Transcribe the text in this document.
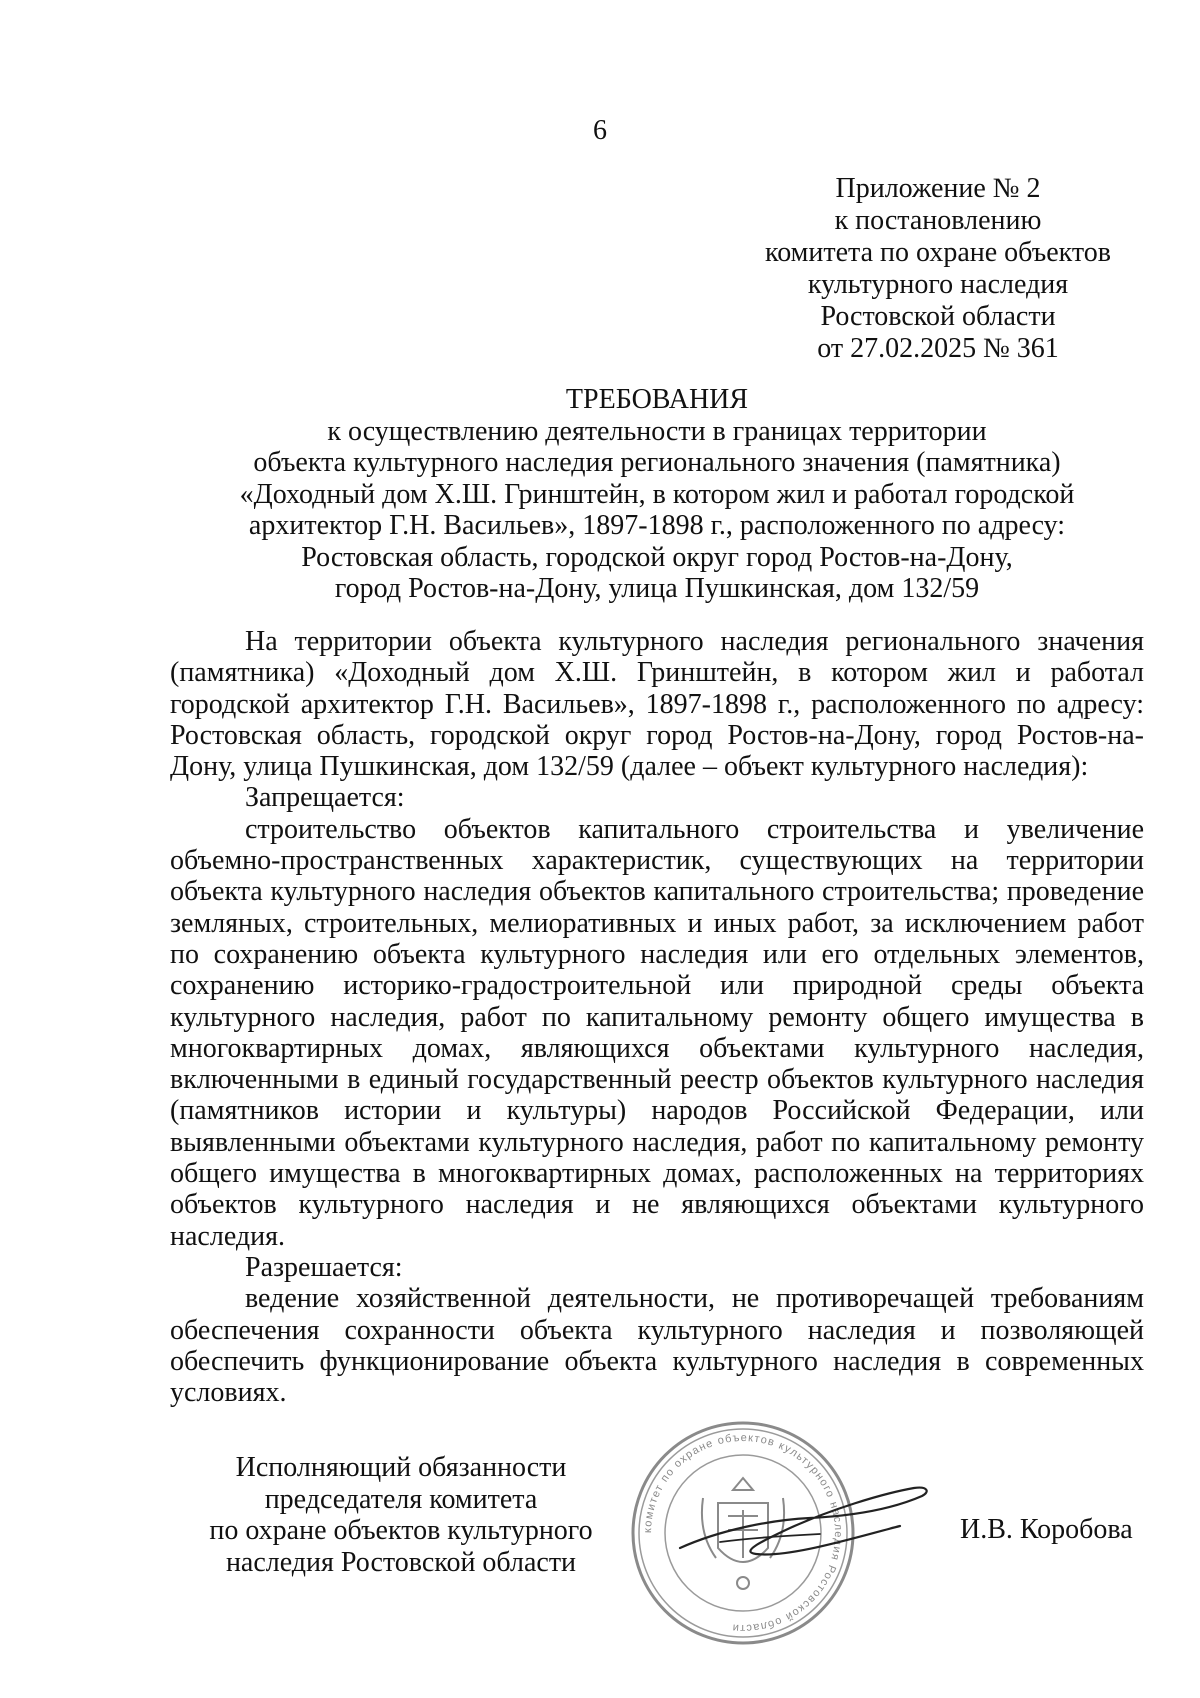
6
Приложение № 2
к постановлению
комитета по охране объектов
культурного наследия
Ростовской области
от 27.02.2025 № 361
ТРЕБОВАНИЯ
к осуществлению деятельности в границах территории
объекта культурного наследия регионального значения (памятника)
«Доходный дом Х.Ш. Гринштейн, в котором жил и работал городской
архитектор Г.Н. Васильев», 1897-1898 г., расположенного по адресу:
Ростовская область, городской округ город Ростов-на-Дону,
город Ростов-на-Дону, улица Пушкинская, дом 132/59

На территории объекта культурного наследия регионального значения (памятника) «Доходный дом Х.Ш. Гринштейн, в котором жил и работал городской архитектор Г.Н. Васильев», 1897-1898 г., расположенного по адресу: Ростовская область, городской округ город Ростов-на-Дону, город Ростов-на-Дону, улица Пушкинская, дом 132/59 (далее – объект культурного наследия):

Запрещается:

строительство объектов капитального строительства и увеличение объемно-пространственных характеристик, существующих на территории объекта культурного наследия объектов капитального строительства; проведение земляных, строительных, мелиоративных и иных работ, за исключением работ по сохранению объекта культурного наследия или его отдельных элементов, сохранению историко-градостроительной или природной среды объекта культурного наследия, работ по капитальному ремонту общего имущества в многоквартирных домах, являющихся объектами культурного наследия, включенными в единый государственный реестр объектов культурного наследия (памятников истории и культуры) народов Российской Федерации, или выявленными объектами культурного наследия, работ по капитальному ремонту общего имущества в многоквартирных домах, расположенных на территориях объектов культурного наследия и не являющихся объектами культурного наследия.

Разрешается:

ведение хозяйственной деятельности, не противоречащей требованиям обеспечения сохранности объекта культурного наследия и позволяющей обеспечить функционирование объекта культурного наследия в современных условиях.

Исполняющий обязанности
председателя комитета
по охране объектов культурного
наследия Ростовской области
комитет по охране объектов культурного наследия Ростовской области
И.В. Коробова
